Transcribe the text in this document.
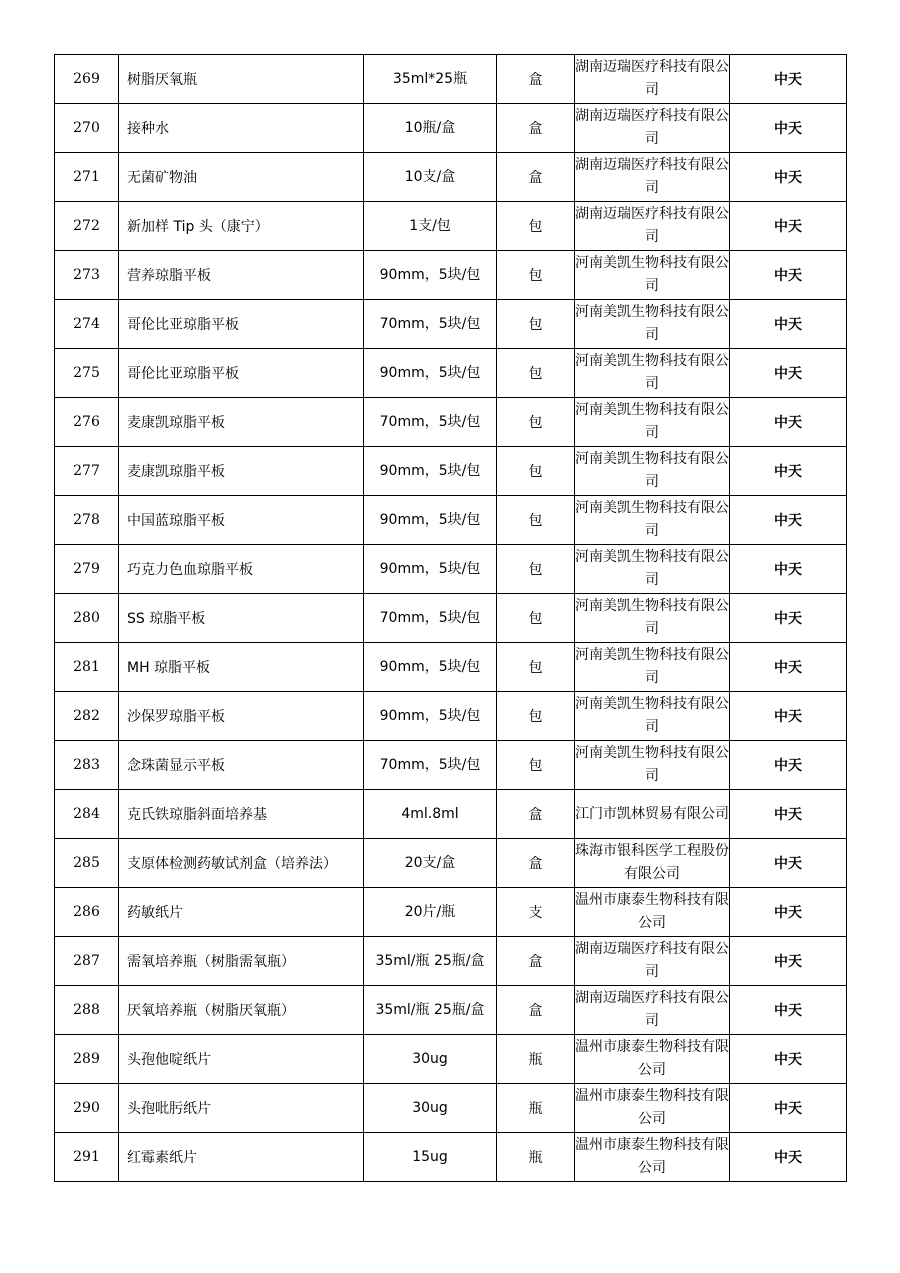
269	树脂厌氧瓶	35ml*25瓶	盒	湖南迈瑞医疗科技有限公司	中天
270	接种水	10瓶/盒	盒	湖南迈瑞医疗科技有限公司	中天
271	无菌矿物油	10支/盒	盒	湖南迈瑞医疗科技有限公司	中天
272	新加样 Tip 头（康宁）	1支/包	包	湖南迈瑞医疗科技有限公司	中天
273	营养琼脂平板	90mm，5块/包	包	河南美凯生物科技有限公司	中天
274	哥伦比亚琼脂平板	70mm，5块/包	包	河南美凯生物科技有限公司	中天
275	哥伦比亚琼脂平板	90mm，5块/包	包	河南美凯生物科技有限公司	中天
276	麦康凯琼脂平板	70mm，5块/包	包	河南美凯生物科技有限公司	中天
277	麦康凯琼脂平板	90mm，5块/包	包	河南美凯生物科技有限公司	中天
278	中国蓝琼脂平板	90mm，5块/包	包	河南美凯生物科技有限公司	中天
279	巧克力色血琼脂平板	90mm，5块/包	包	河南美凯生物科技有限公司	中天
280	SS 琼脂平板	70mm，5块/包	包	河南美凯生物科技有限公司	中天
281	MH 琼脂平板	90mm，5块/包	包	河南美凯生物科技有限公司	中天
282	沙保罗琼脂平板	90mm，5块/包	包	河南美凯生物科技有限公司	中天
283	念珠菌显示平板	70mm，5块/包	包	河南美凯生物科技有限公司	中天
284	克氏铁琼脂斜面培养基	4ml.8ml	盒	江门市凯林贸易有限公司	中天
285	支原体检测药敏试剂盒（培养法）	20支/盒	盒	珠海市银科医学工程股份有限公司	中天
286	药敏纸片	20片/瓶	支	温州市康泰生物科技有限公司	中天
287	需氧培养瓶（树脂需氧瓶）	35ml/瓶 25瓶/盒	盒	湖南迈瑞医疗科技有限公司	中天
288	厌氧培养瓶（树脂厌氧瓶）	35ml/瓶 25瓶/盒	盒	湖南迈瑞医疗科技有限公司	中天
289	头孢他啶纸片	30ug	瓶	温州市康泰生物科技有限公司	中天
290	头孢吡肟纸片	30ug	瓶	温州市康泰生物科技有限公司	中天
291	红霉素纸片	15ug	瓶	温州市康泰生物科技有限公司	中天
